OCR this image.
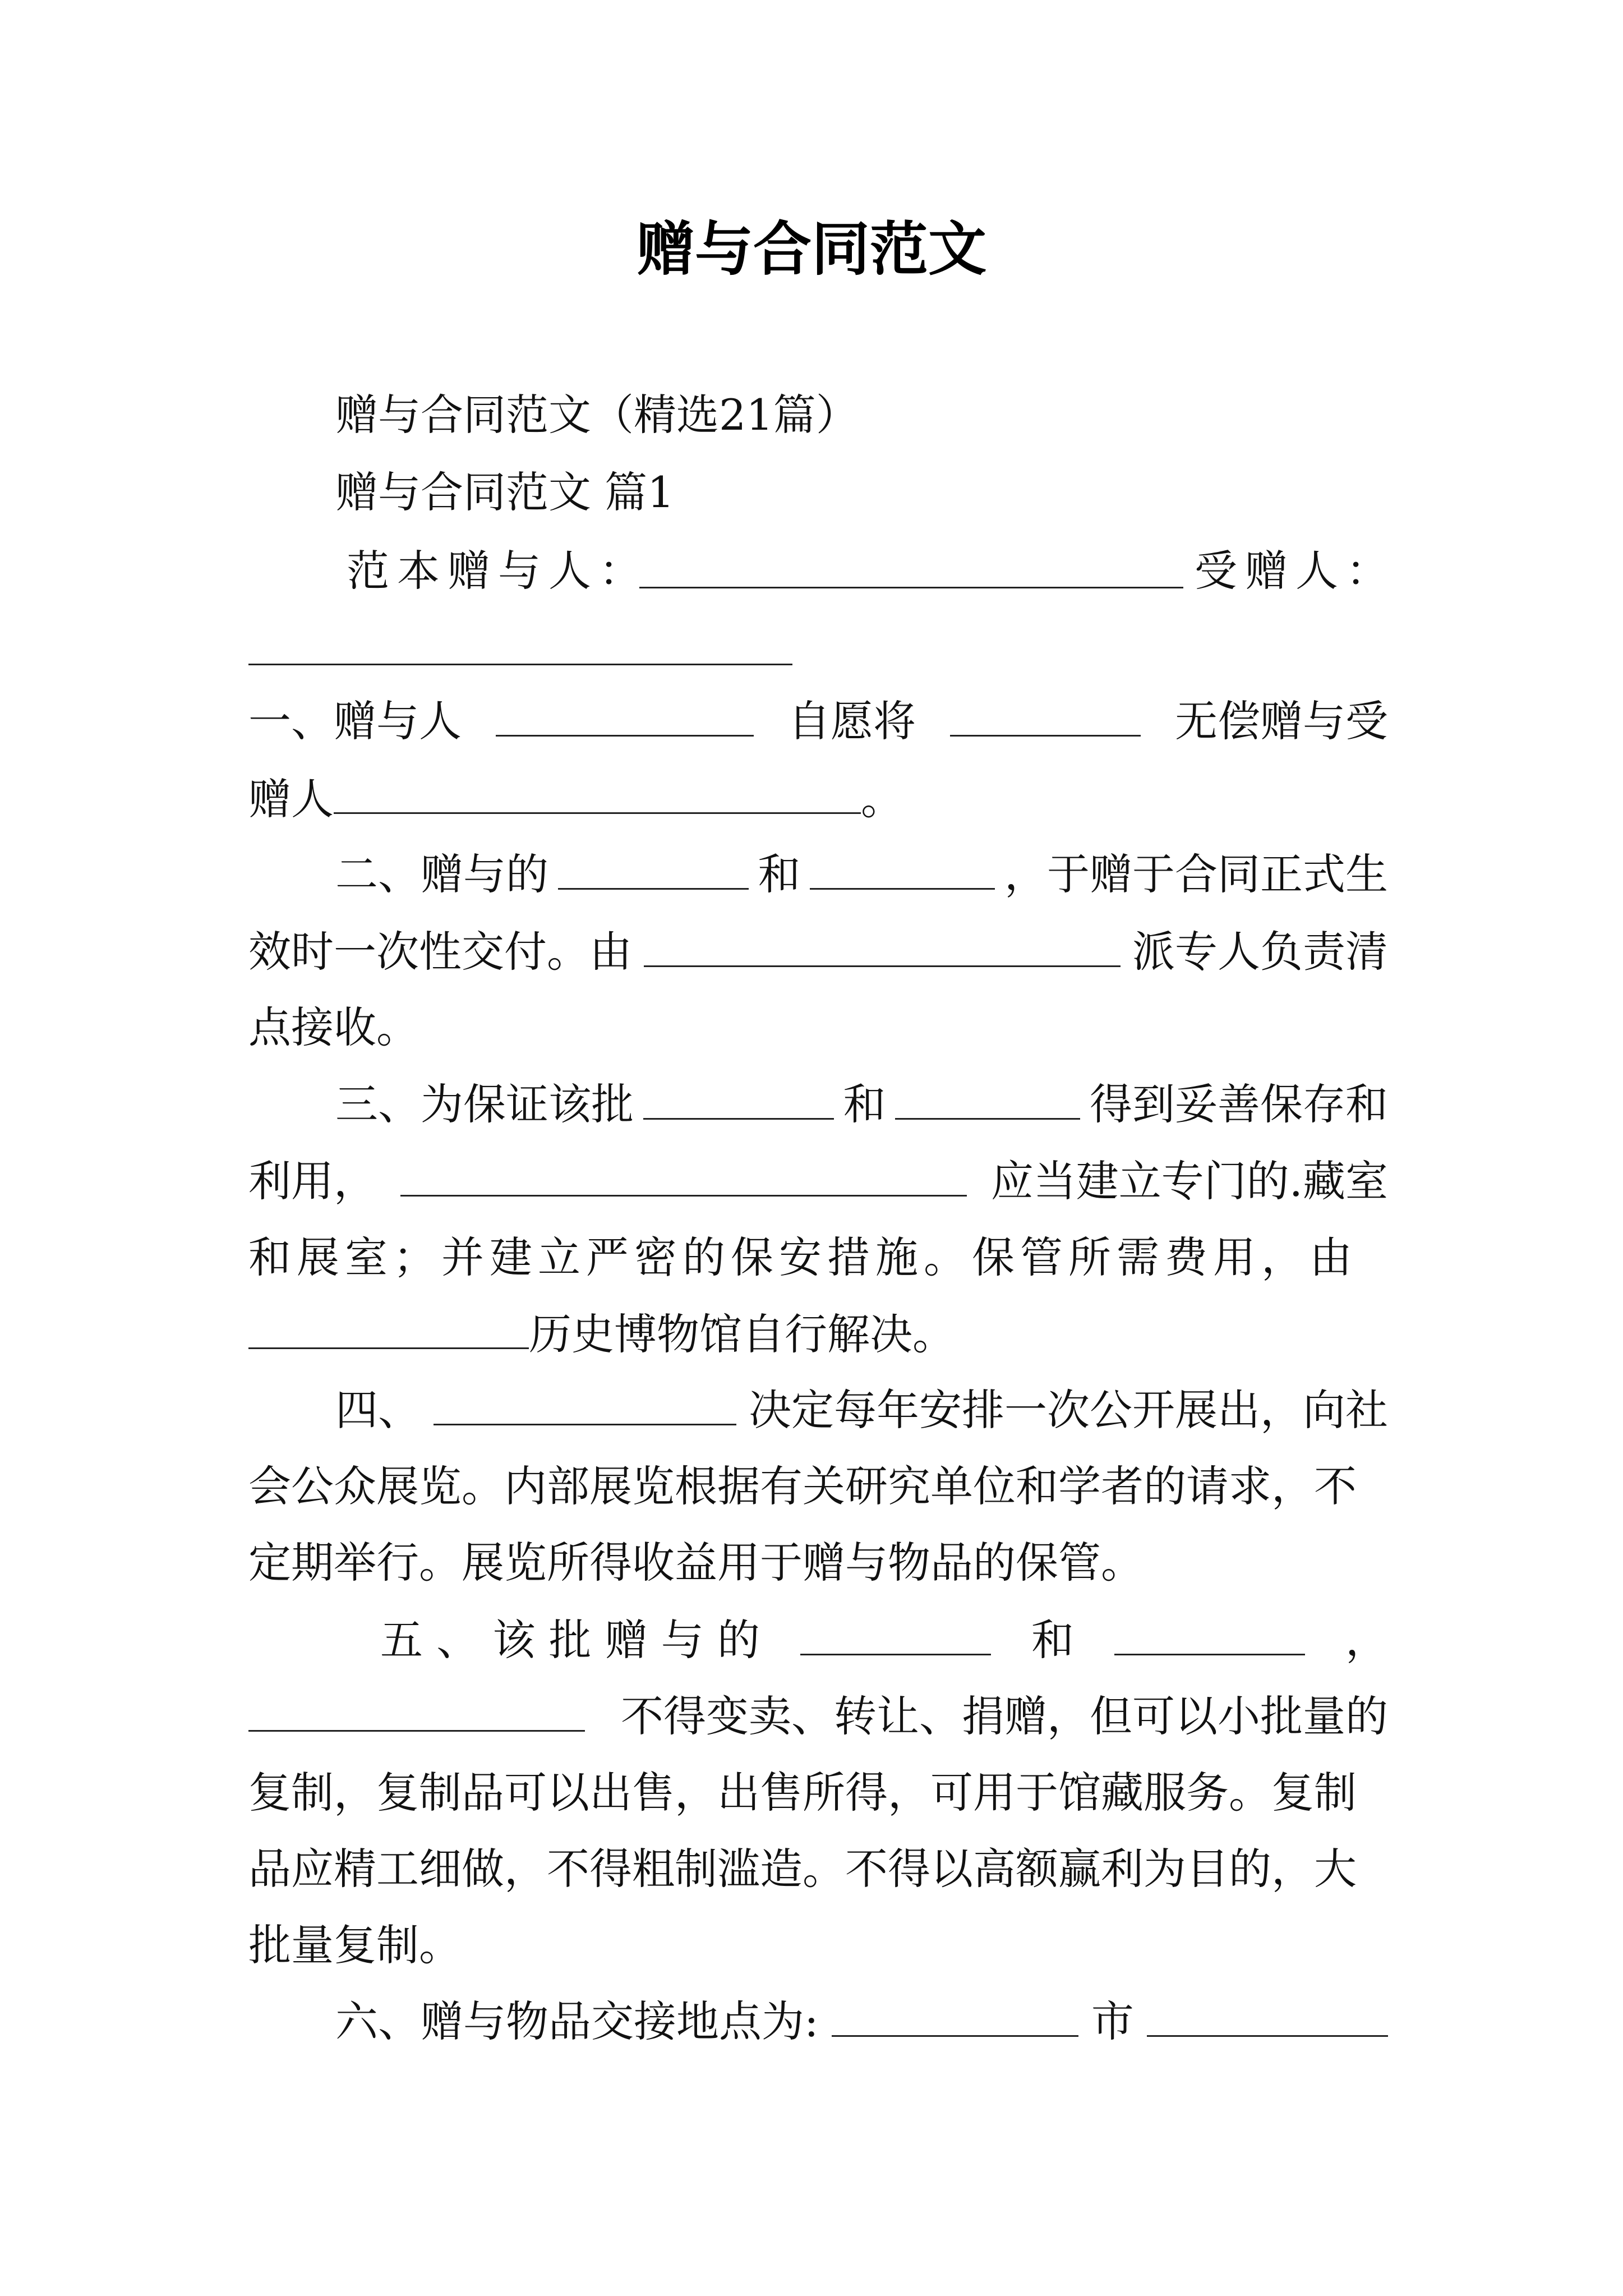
赠与合同范文

赠与合同范文（精选21篇）

赠与合同范文 篇1

范本赠与人：	受赠人：

一、赠与人	自愿将	无偿赠与受

赠人	。

二、赠与的	和	，于赠于合同正式生
效时一次性交付。由	派专人负责清

点接收。

三、为保证该批	和	得到妥善保存和
利用，	应当建立专门的.藏室
和展室；并建立严密的保安措施。保管所需费用，由

历史博物馆自行解决。

四、	决定每年安排一次公开展出，向社

会公众展览。内部展览根据有关研究单位和学者的请求，不

定期举行。展览所得收益用于赠与物品的保管。

五 、 该 批 赠 与 的	和	，
不得变卖、转让、捐赠，但可以小批量的

复制，复制品可以出售，出售所得，可用于馆藏服务。复制

品应精工细做，不得粗制滥造。不得以高额赢利为目的，大

批量复制。

六、赠与物品交接地点为:	市
